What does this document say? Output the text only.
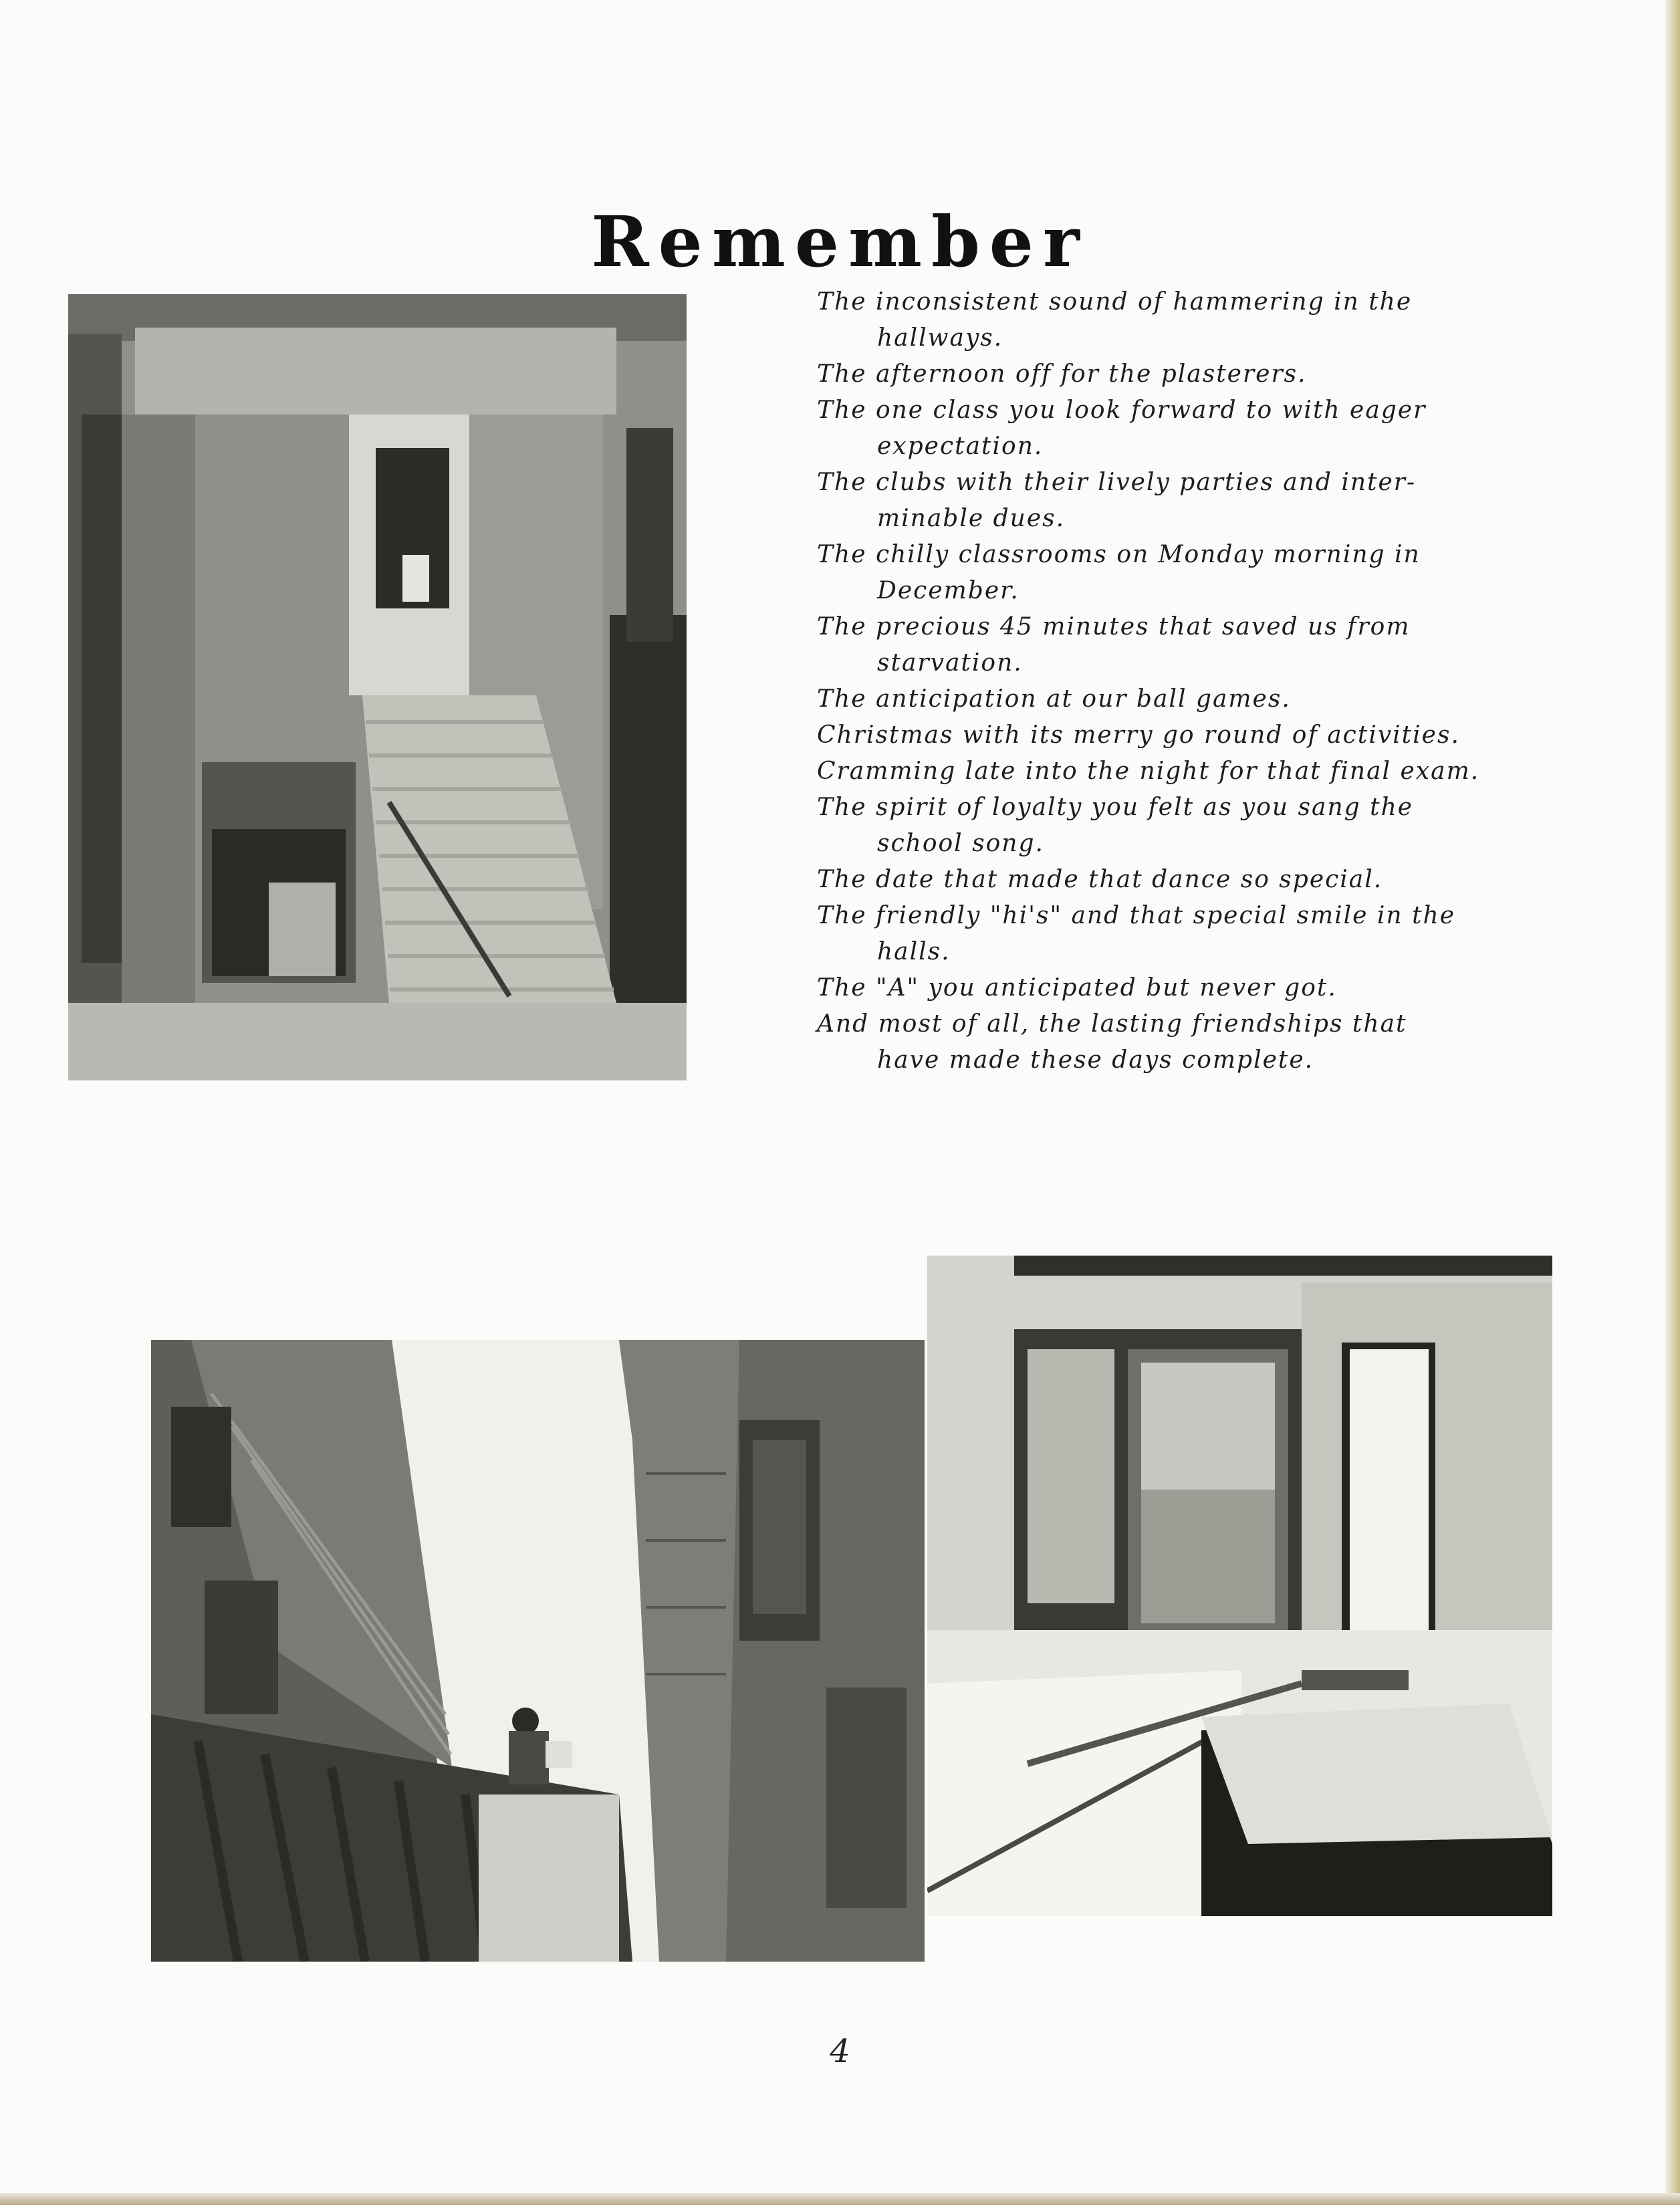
Remember
The inconsistent sound of hammering in the
hallways.
The afternoon off for the plasterers.
The one class you look forward to with eager
expectation.
The clubs with their lively parties and inter-
minable dues.
The chilly classrooms on Monday morning in
December.
The precious 45 minutes that saved us from
starvation.
The anticipation at our ball games.
Christmas with its merry go round of activities.
Cramming late into the night for that final exam.
The spirit of loyalty you felt as you sang the
school song.
The date that made that dance so special.
The friendly "hi's" and that special smile in the
halls.
The "A" you anticipated but never got.
And most of all, the lasting friendships that
have made these days complete.
4
